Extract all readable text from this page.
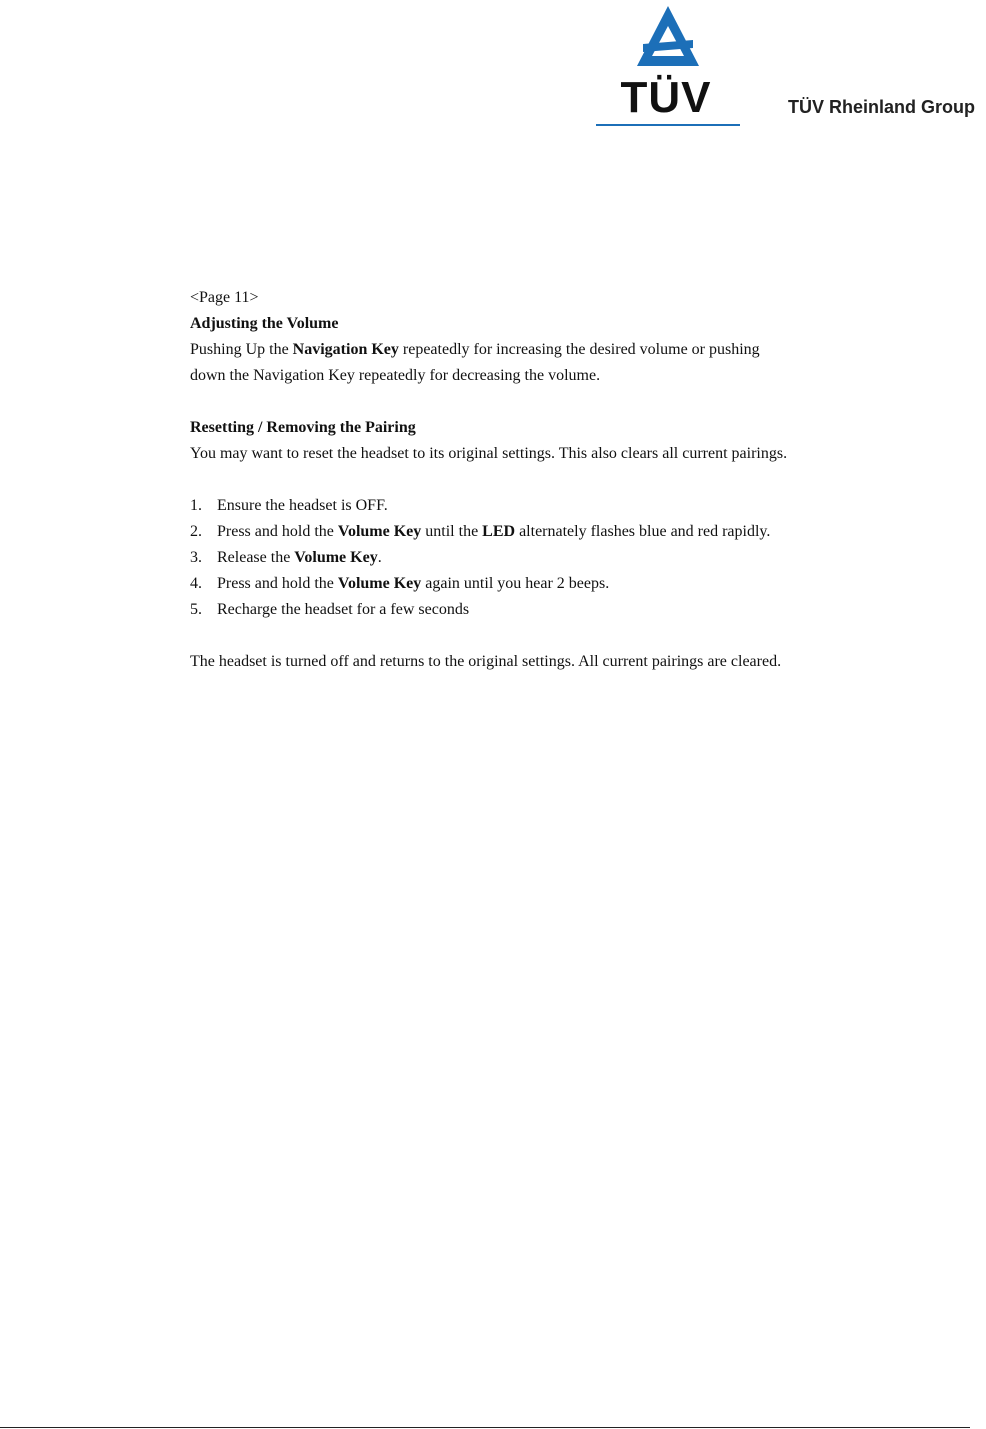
TÜV	TÜV Rheinland Group

<Page 11>

Adjusting the Volume

Pushing Up the Navigation Key repeatedly for increasing the desired volume or pushing down the Navigation Key repeatedly for decreasing the volume.

Resetting / Removing the Pairing

You may want to reset the headset to its original settings. This also clears all current pairings.

1. Ensure the headset is OFF.
2. Press and hold the Volume Key until the LED alternately flashes blue and red rapidly.
3. Release the Volume Key.
4. Press and hold the Volume Key again until you hear 2 beeps.
5. Recharge the headset for a few seconds

The headset is turned off and returns to the original settings. All current pairings are cleared.
